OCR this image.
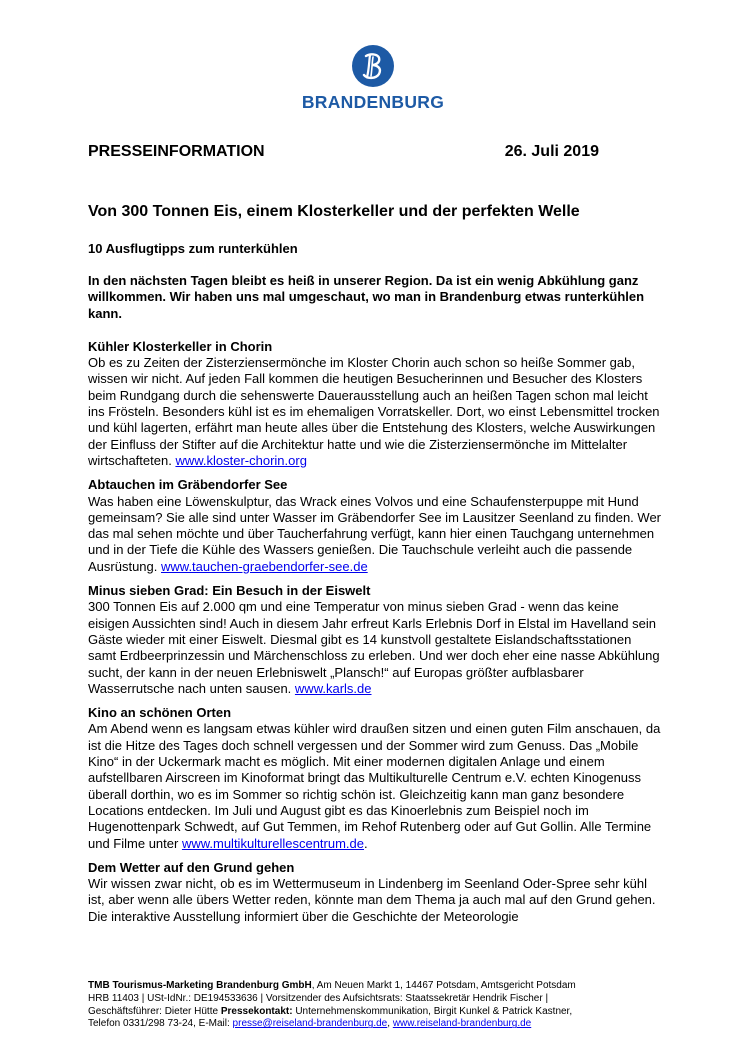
BRANDENBURG
PRESSEINFORMATION	26. Juli 2019
Von 300 Tonnen Eis, einem Klosterkeller und der perfekten Welle
10 Ausflugtipps zum runterkühlen
In den nächsten Tagen bleibt es heiß in unserer Region. Da ist ein wenig Abkühlung ganz willkommen. Wir haben uns mal umgeschaut, wo man in Brandenburg etwas runterkühlen kann.
Kühler Klosterkeller in Chorin
Ob es zu Zeiten der Zisterziensermönche im Kloster Chorin auch schon so heiße Sommer gab, wissen wir nicht. Auf jeden Fall kommen die heutigen Besucherinnen und Besucher des Klosters beim Rundgang durch die sehenswerte Dauerausstellung auch an heißen Tagen schon mal leicht ins Frösteln. Besonders kühl ist es im ehemaligen Vorratskeller. Dort, wo einst Lebensmittel trocken und kühl lagerten, erfährt man heute alles über die Entstehung des Klosters, welche Auswirkungen der Einfluss der Stifter auf die Architektur hatte und wie die Zisterziensermönche im Mittelalter wirtschafteten. www.kloster-chorin.org
Abtauchen im Gräbendorfer See
Was haben eine Löwenskulptur, das Wrack eines Volvos und eine Schaufensterpuppe mit Hund gemeinsam? Sie alle sind unter Wasser im Gräbendorfer See im Lausitzer Seenland zu finden. Wer das mal sehen möchte und über Taucherfahrung verfügt, kann hier einen Tauchgang unternehmen und in der Tiefe die Kühle des Wassers genießen. Die Tauchschule verleiht auch die passende Ausrüstung. www.tauchen-graebendorfer-see.de
Minus sieben Grad: Ein Besuch in der Eiswelt
300 Tonnen Eis auf 2.000 qm und eine Temperatur von minus sieben Grad - wenn das keine eisigen Aussichten sind! Auch in diesem Jahr erfreut Karls Erlebnis Dorf in Elstal im Havelland sein Gäste wieder mit einer Eiswelt. Diesmal gibt es 14 kunstvoll gestaltete Eislandschaftsstationen samt Erdbeerprinzessin und Märchenschloss zu erleben. Und wer doch eher eine nasse Abkühlung sucht, der kann in der neuen Erlebniswelt „Plansch!“ auf Europas größter aufblasbarer Wasserrutsche nach unten sausen. www.karls.de
Kino an schönen Orten
Am Abend wenn es langsam etwas kühler wird draußen sitzen und einen guten Film anschauen, da ist die Hitze des Tages doch schnell vergessen und der Sommer wird zum Genuss. Das „Mobile Kino“ in der Uckermark macht es möglich. Mit einer modernen digitalen Anlage und einem aufstellbaren Airscreen im Kinoformat bringt das Multikulturelle Centrum e.V. echten Kinogenuss überall dorthin, wo es im Sommer so richtig schön ist. Gleichzeitig kann man ganz besondere Locations entdecken. Im Juli und August gibt es das Kinoerlebnis zum Beispiel noch im Hugenottenpark Schwedt, auf Gut Temmen, im Rehof Rutenberg oder auf Gut Gollin. Alle Termine und Filme unter www.multikulturellescentrum.de.
Dem Wetter auf den Grund gehen
Wir wissen zwar nicht, ob es im Wettermuseum in Lindenberg im Seenland Oder-Spree sehr kühl ist, aber wenn alle übers Wetter reden, könnte man dem Thema ja auch mal auf den Grund gehen. Die interaktive Ausstellung informiert über die Geschichte der Meteorologie
TMB Tourismus-Marketing Brandenburg GmbH, Am Neuen Markt 1, 14467 Potsdam, Amtsgericht Potsdam
HRB 11403 | USt-IdNr.: DE194533636 | Vorsitzender des Aufsichtsrats: Staatssekretär Hendrik Fischer |
Geschäftsführer: Dieter Hütte Pressekontakt: Unternehmenskommunikation, Birgit Kunkel & Patrick Kastner,
Telefon 0331/298 73-24, E-Mail: presse@reiseland-brandenburg.de, www.reiseland-brandenburg.de
